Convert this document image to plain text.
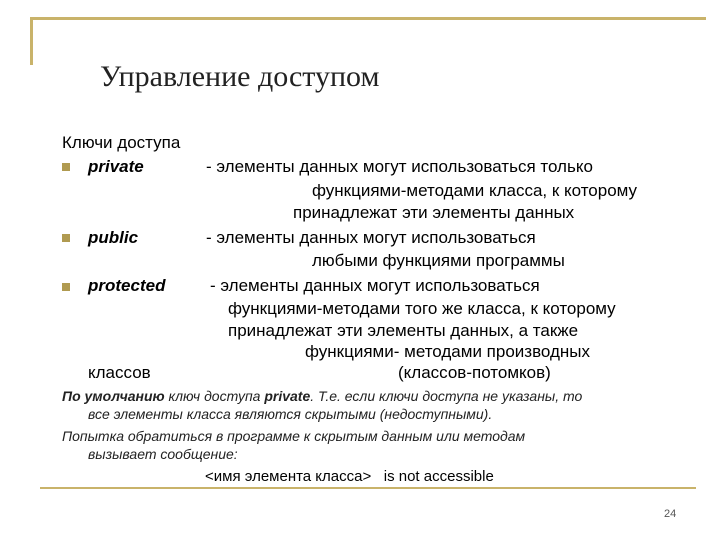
Управление доступом
Ключи доступа
private	- элементы данных могут использоваться только
функциями-методами класса, к которому
принадлежат эти элементы данных
public	- элементы данных могут использоваться
любыми функциями программы
protected	- элементы данных могут использоваться
функциями-методами того же класса, к которому
принадлежат эти элементы данных, а также
функциями- методами производных
классов	(классов-потомков)
По умолчанию ключ доступа private. Т.е. если ключи доступа не указаны, то
все элементы класса являются скрытыми (недоступными).
Попытка обратиться в программе к скрытым данным или методам
вызывает сообщение:
<имя элемента класса>   is not accessible
24
